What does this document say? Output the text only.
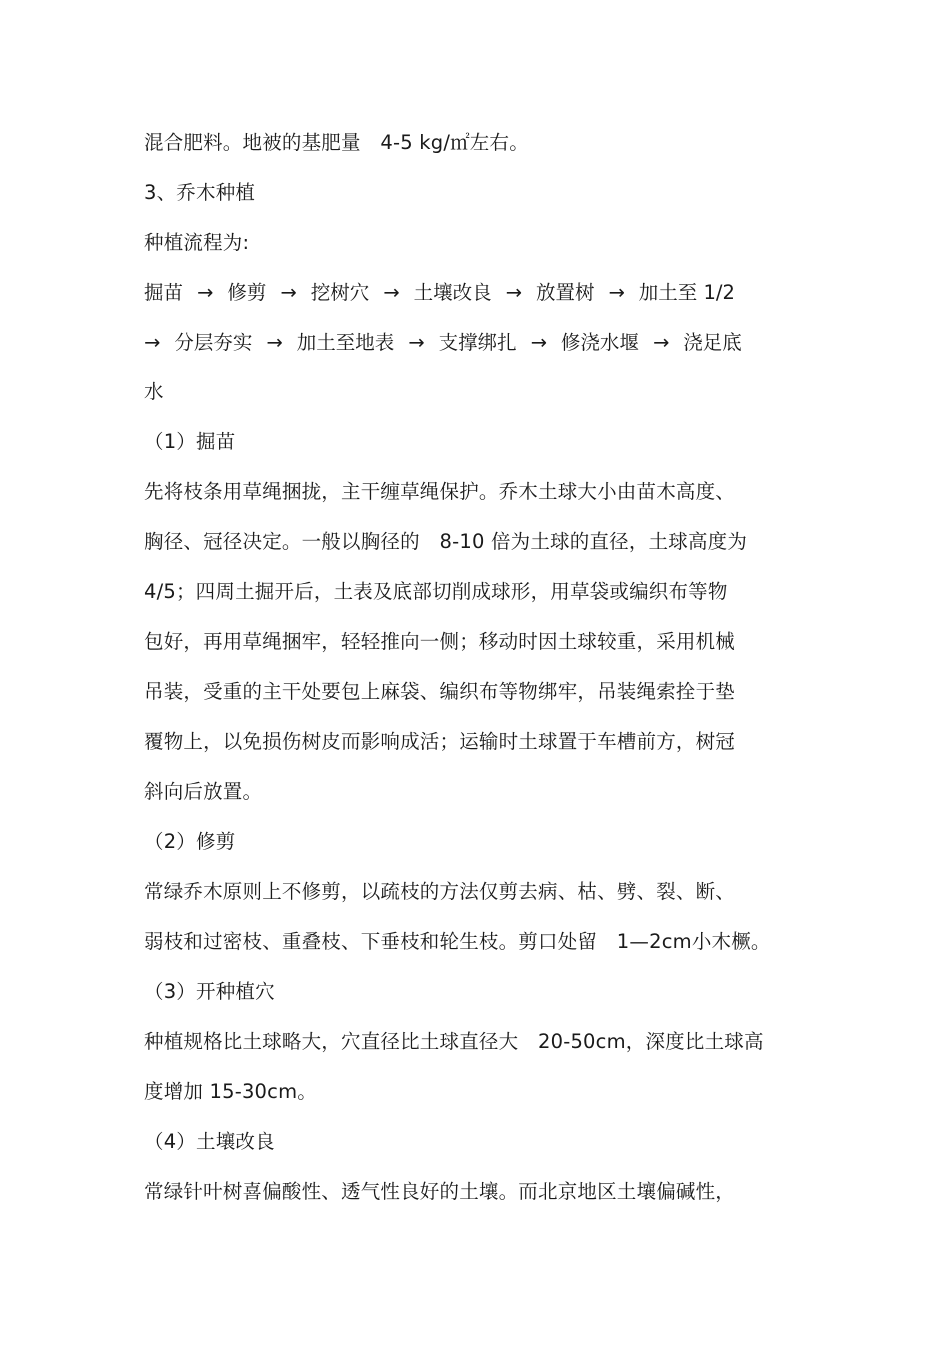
混合肥料。地被的基肥量　4-5 kg/㎡左右。
3、乔木种植
种植流程为:
掘苗 → 修剪 → 挖树穴 → 土壤改良 → 放置树 → 加土至 1/2
→ 分层夯实 → 加土至地表 → 支撑绑扎 → 修浇水堰 → 浇足底
水
（1）掘苗
先将枝条用草绳捆拢，主干缠草绳保护。乔木土球大小由苗木高度、
胸径、冠径决定。一般以胸径的　8-10 倍为土球的直径，土球高度为
4/5；四周土掘开后，土表及底部切削成球形，用草袋或编织布等物
包好，再用草绳捆牢，轻轻推向一侧；移动时因土球较重，采用机械
吊装，受重的主干处要包上麻袋、编织布等物绑牢，吊装绳索拴于垫
覆物上，以免损伤树皮而影响成活；运输时土球置于车槽前方，树冠
斜向后放置。
（2）修剪
常绿乔木原则上不修剪，以疏枝的方法仅剪去病、枯、劈、裂、断、
弱枝和过密枝、重叠枝、下垂枝和轮生枝。剪口处留　1—2cm小木橛。
（3）开种植穴
种植规格比土球略大，穴直径比土球直径大　20-50cm，深度比土球高
度增加 15-30cm。
（4）土壤改良
常绿针叶树喜偏酸性、透气性良好的土壤。而北京地区土壤偏碱性，
